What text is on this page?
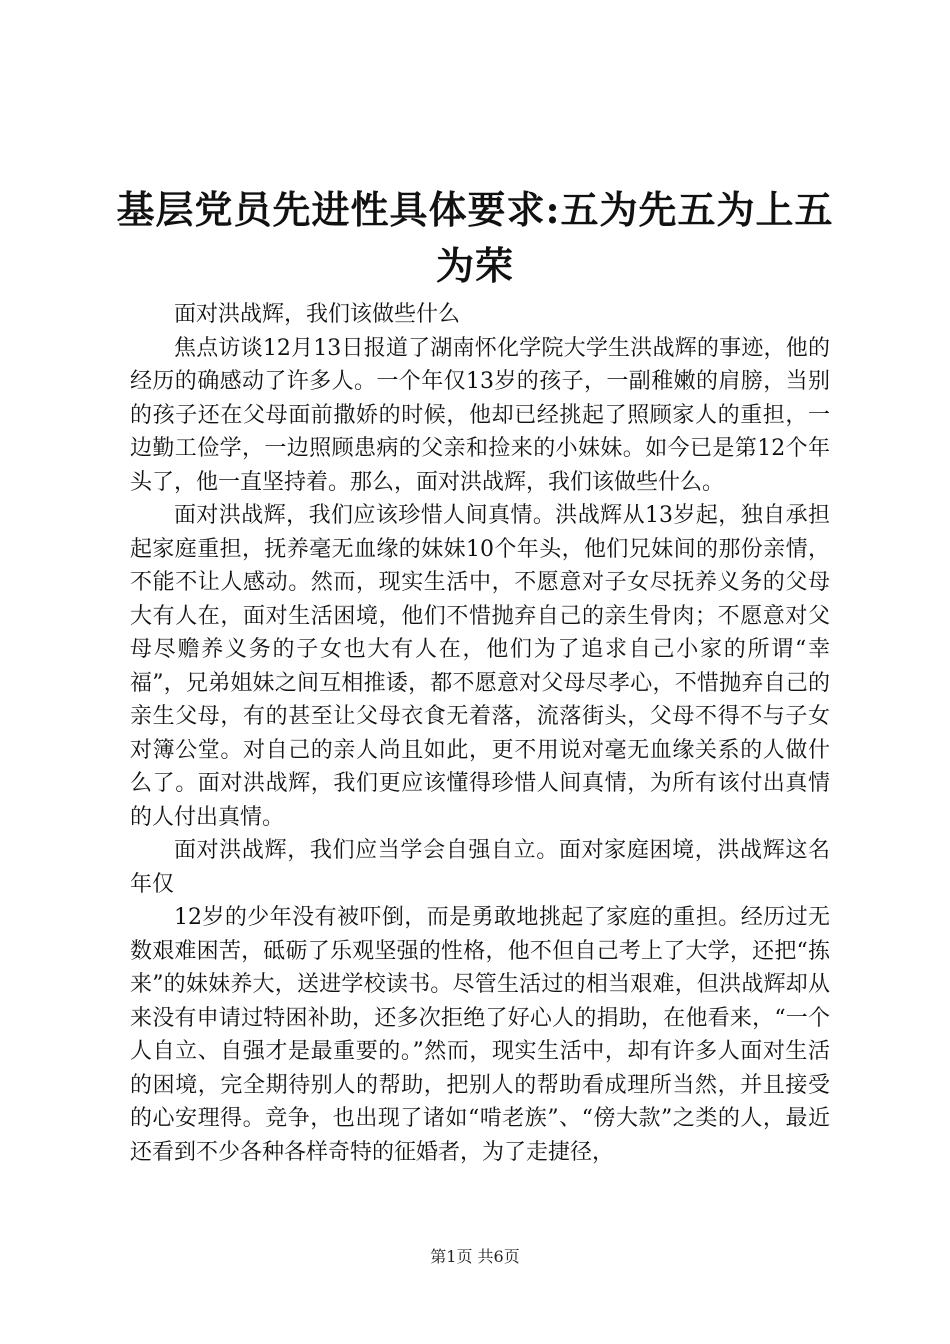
基层党员先进性具体要求:五为先五为上五为荣

面对洪战辉，我们该做些什么

焦点访谈12月13日报道了湖南怀化学院大学生洪战辉的事迹，他的经历的确感动了许多人。一个年仅13岁的孩子，一副稚嫩的肩膀，当别的孩子还在父母面前撒娇的时候，他却已经挑起了照顾家人的重担，一边勤工俭学，一边照顾患病的父亲和捡来的小妹妹。如今已是第12个年头了，他一直坚持着。那么，面对洪战辉，我们该做些什么。

面对洪战辉，我们应该珍惜人间真情。洪战辉从13岁起，独自承担起家庭重担，抚养毫无血缘的妹妹10个年头，他们兄妹间的那份亲情，不能不让人感动。然而，现实生活中，不愿意对子女尽抚养义务的父母大有人在，面对生活困境，他们不惜抛弃自己的亲生骨肉；不愿意对父母尽赡养义务的子女也大有人在，他们为了追求自己小家的所谓“幸福”，兄弟姐妹之间互相推诿，都不愿意对父母尽孝心，不惜抛弃自己的亲生父母，有的甚至让父母衣食无着落，流落街头，父母不得不与子女对簿公堂。对自己的亲人尚且如此，更不用说对毫无血缘关系的人做什么了。面对洪战辉，我们更应该懂得珍惜人间真情，为所有该付出真情的人付出真情。

面对洪战辉，我们应当学会自强自立。面对家庭困境，洪战辉这名年仅

12岁的少年没有被吓倒，而是勇敢地挑起了家庭的重担。经历过无数艰难困苦，砥砺了乐观坚强的性格，他不但自己考上了大学，还把“拣来”的妹妹养大，送进学校读书。尽管生活过的相当艰难，但洪战辉却从来没有申请过特困补助，还多次拒绝了好心人的捐助，在他看来，“一个人自立、自强才是最重要的。”然而，现实生活中，却有许多人面对生活的困境，完全期待别人的帮助，把别人的帮助看成理所当然，并且接受的心安理得。竞争，也出现了诸如“啃老族”、“傍大款”之类的人，最近还看到不少各种各样奇特的征婚者，为了走捷径，

第1页 共6页
